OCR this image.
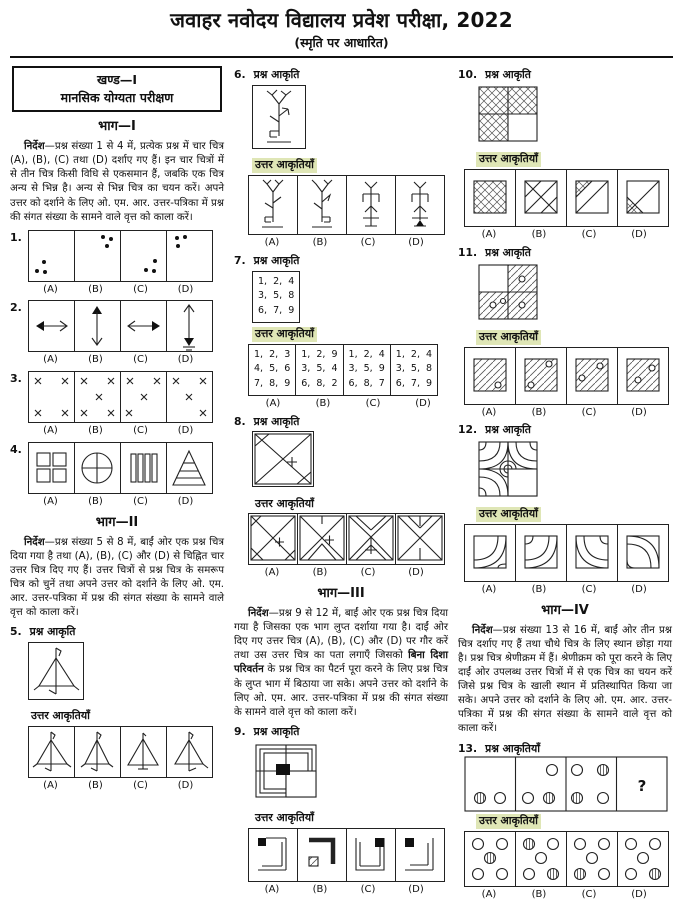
जवाहर नवोदय विद्यालय प्रवेश परीक्षा, 2022
(स्मृति पर आधारित)
खण्ड—I
मानसिक योग्यता परीक्षण
भाग—I

निर्देश—प्रश्न संख्या 1 से 4 में, प्रत्येक प्रश्न में चार चित्र (A), (B), (C) तथा (D) दर्शाए गए हैं। इन चार चित्रों में से तीन चित्र किसी विधि से एकसमान हैं, जबकि एक चित्र अन्य से भिन्न है। अन्य से भिन्न चित्र का चयन करें। अपने उत्तर को दर्शाने के लिए ओ. एम. आर. उत्तर-पत्रिका में प्रश्न की संगत संख्या के सामने वाले वृत्त को काला करें।

1.
(A)	(B)	(C)	(D)
2.
(A)	(B)	(C)	(D)
3.
(A)	(B)	(C)	(D)
4.
(A)	(B)	(C)	(D)
भाग—II

निर्देश—प्रश्न संख्या 5 से 8 में, बाईं ओर एक प्रश्न चित्र दिया गया है तथा (A), (B), (C) और (D) से चिह्नित चार उत्तर चित्र दिए गए हैं। उत्तर चित्रों से प्रश्न चित्र के समरूप चित्र को चुनें तथा अपने उत्तर को दर्शाने के लिए ओ. एम. आर. उत्तर-पत्रिका में प्रश्न की संगत संख्या के सामने वाले वृत्त को काला करें।

5. प्रश्न आकृति
उत्तर आकृतियाँ
(A)	(B)	(C)	(D)
6. प्रश्न आकृति
उत्तर आकृतियाँ
(A)	(B)	(C)	(D)
7. प्रश्न आकृति
1,  2,  4
3,  5,  8
6,  7,  9
उत्तर आकृतियाँ
1,  2,  3
4,  5,  6
7,  8,  9
1,  2,  9
3,  5,  4
6,  8,  2
1,  2,  4
3,  5,  9
6,  8,  7
1,  2,  4
3,  5,  8
6,  7,  9
(A)	(B)	(C)	(D)
8. प्रश्न आकृति
उत्तर आकृतियाँ
(A)	(B)	(C)	(D)
भाग—III

निर्देश—प्रश्न 9 से 12 में, बाईं ओर एक प्रश्न चित्र दिया गया है जिसका एक भाग लुप्त दर्शाया गया है। दाईं ओर दिए गए उत्तर चित्र (A), (B), (C) और (D) पर गौर करें तथा उस उत्तर चित्र का पता लगाएँ जिसको बिना दिशा परिवर्तन के प्रश्न चित्र का पैटर्न पूरा करने के लिए प्रश्न चित्र के लुप्त भाग में बिठाया जा सके। अपने उत्तर को दर्शाने के लिए ओ. एम. आर. उत्तर-पत्रिका में प्रश्न की संगत संख्या के सामने वाले वृत्त को काला करें।

9. प्रश्न आकृति
उत्तर आकृतियाँ
(A)	(B)	(C)	(D)
10. प्रश्न आकृति
उत्तर आकृतियाँ
(A)	(B)	(C)	(D)
11. प्रश्न आकृति
उत्तर आकृतियाँ
(A)	(B)	(C)	(D)
12. प्रश्न आकृति
उत्तर आकृतियाँ
(A)	(B)	(C)	(D)
भाग—IV

निर्देश—प्रश्न संख्या 13 से 16 में, बाईं ओर तीन प्रश्न चित्र दर्शाए गए हैं तथा चौथे चित्र के लिए स्थान छोड़ा गया है। प्रश्न चित्र श्रेणीक्रम में हैं। श्रेणीक्रम को पूरा करने के लिए दाईं ओर उपलब्ध उत्तर चित्रों में से एक चित्र का चयन करें जिसे प्रश्न चित्र के खाली स्थान में प्रतिस्थापित किया जा सके। अपने उत्तर को दर्शाने के लिए ओ. एम. आर. उत्तर-पत्रिका में प्रश्न की संगत संख्या के सामने वाले वृत्त को काला करें।

13. प्रश्न आकृतियाँ
?
उत्तर आकृतियाँ
(A)	(B)	(C)	(D)
